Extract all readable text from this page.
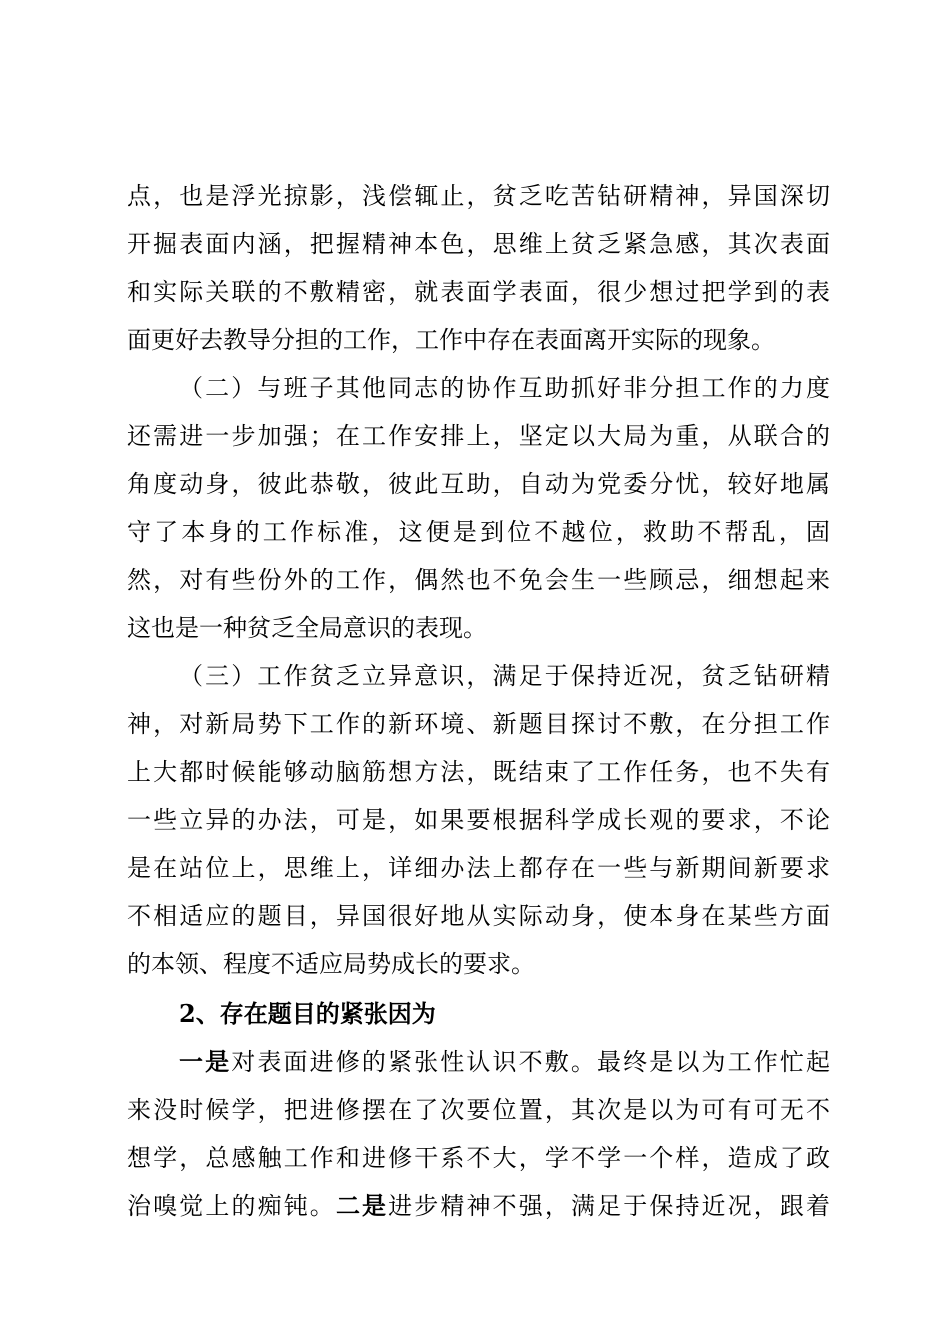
点，也是浮光掠影，浅偿辄止，贫乏吃苦钻研精神，异国深切
开掘表面内涵，把握精神本色，思维上贫乏紧急感，其次表面
和实际关联的不敷精密，就表面学表面，很少想过把学到的表
面更好去教导分担的工作，工作中存在表面离开实际的现象。
（二）与班子其他同志的协作互助抓好非分担工作的力度
还需进一步加强；在工作安排上，坚定以大局为重，从联合的
角度动身，彼此恭敬，彼此互助，自动为党委分忧，较好地属
守了本身的工作标准，这便是到位不越位，救助不帮乱，固
然，对有些份外的工作，偶然也不免会生一些顾忌，细想起来
这也是一种贫乏全局意识的表现。
（三）工作贫乏立异意识，满足于保持近况，贫乏钻研精
神，对新局势下工作的新环境、新题目探讨不敷，在分担工作
上大都时候能够动脑筋想方法，既结束了工作任务，也不失有
一些立异的办法，可是，如果要根据科学成长观的要求，不论
是在站位上，思维上，详细办法上都存在一些与新期间新要求
不相适应的题目，异国很好地从实际动身，使本身在某些方面
的本领、程度不适应局势成长的要求。
2、存在题目的紧张因为
一是对表面进修的紧张性认识不敷。最终是以为工作忙起
来没时候学，把进修摆在了次要位置，其次是以为可有可无不
想学，总感触工作和进修干系不大，学不学一个样，造成了政
治嗅觉上的痴钝。二是进步精神不强，满足于保持近况，跟着
